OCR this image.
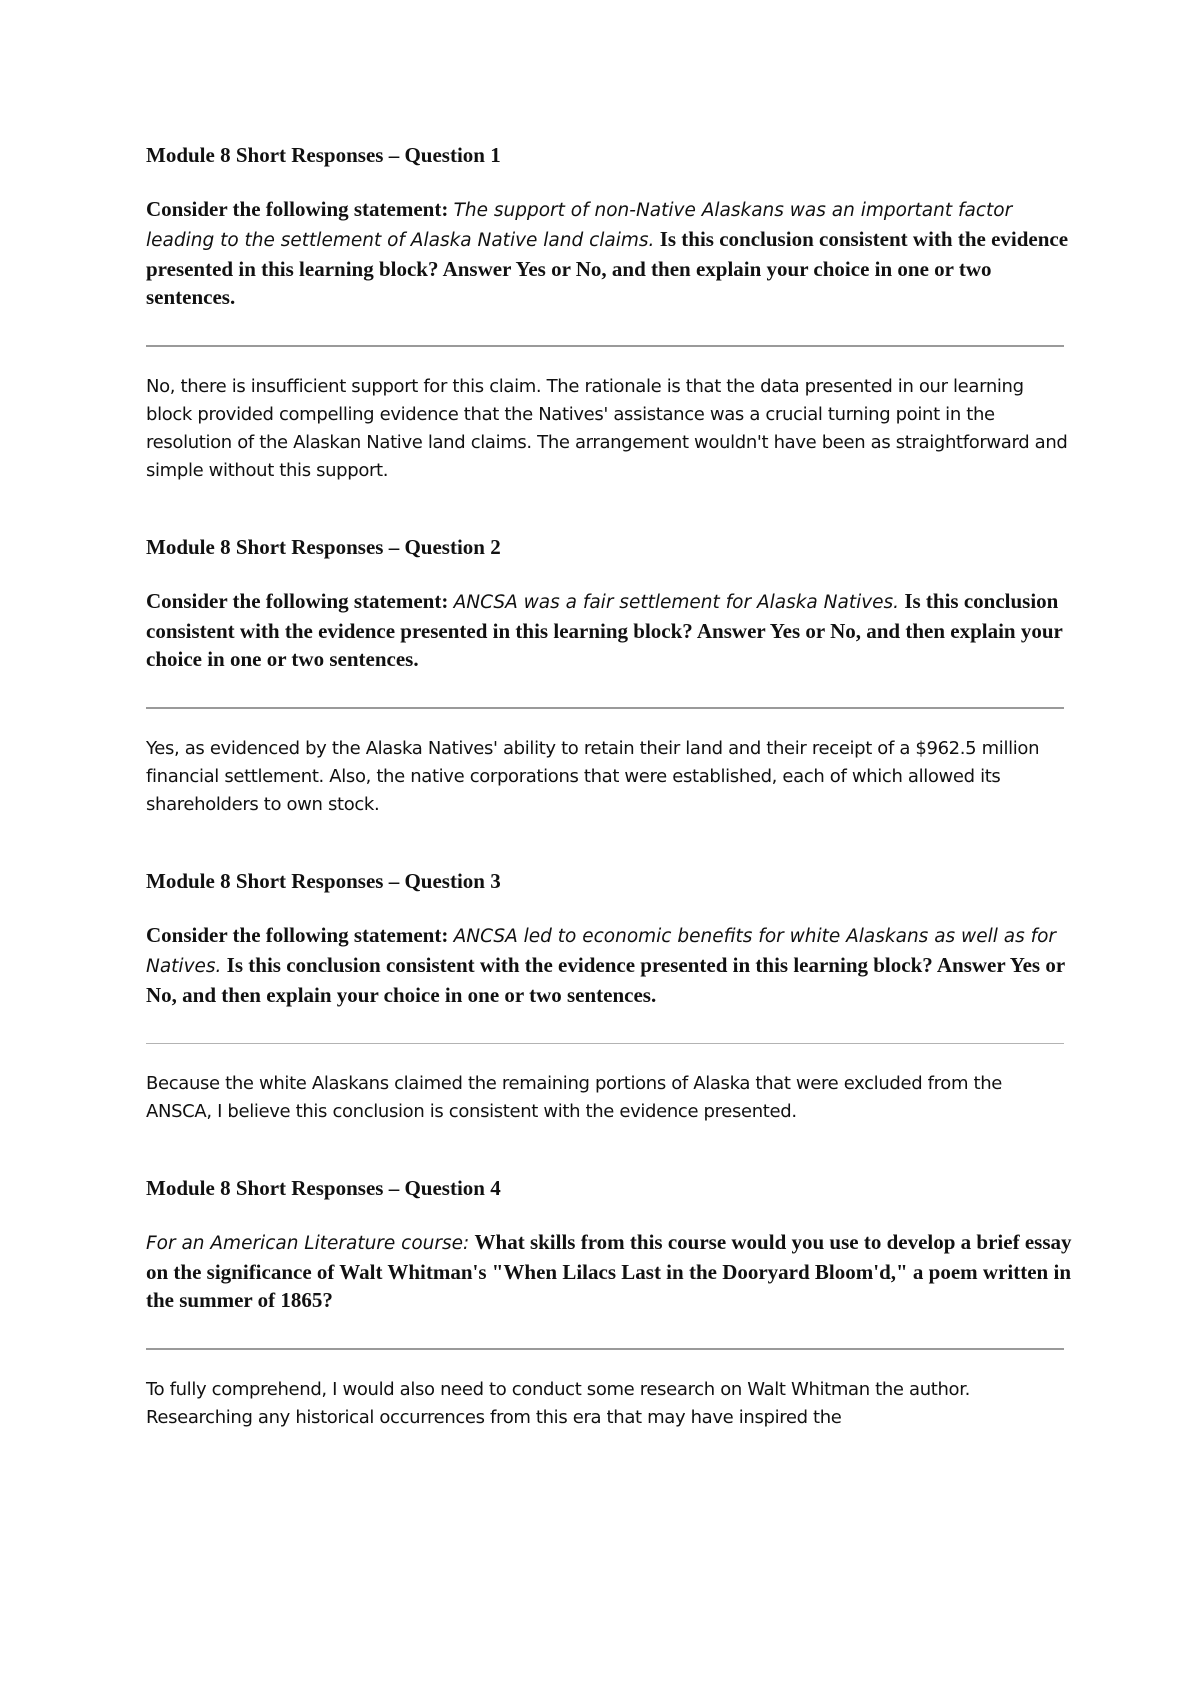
Module 8 Short Responses – Question 1

Consider the following statement: The support of non-Native Alaskans was an important factor leading to the settlement of Alaska Native land claims. Is this conclusion consistent with the evidence presented in this learning block? Answer Yes or No, and then explain your choice in one or two sentences.

No, there is insufficient support for this claim. The rationale is that the data presented in our learning block provided compelling evidence that the Natives' assistance was a crucial turning point in the resolution of the Alaskan Native land claims. The arrangement wouldn't have been as straightforward and simple without this support.

Module 8 Short Responses – Question 2

Consider the following statement: ANCSA was a fair settlement for Alaska Natives. Is this conclusion consistent with the evidence presented in this learning block? Answer Yes or No, and then explain your choice in one or two sentences.

Yes, as evidenced by the Alaska Natives' ability to retain their land and their receipt of a $962.5 million financial settlement. Also, the native corporations that were established, each of which allowed its shareholders to own stock.

Module 8 Short Responses – Question 3

Consider the following statement: ANCSA led to economic benefits for white Alaskans as well as for Natives. Is this conclusion consistent with the evidence presented in this learning block? Answer Yes or No, and then explain your choice in one or two sentences.

Because the white Alaskans claimed the remaining portions of Alaska that were excluded from the ANSCA, I believe this conclusion is consistent with the evidence presented.

Module 8 Short Responses – Question 4

For an American Literature course: What skills from this course would you use to develop a brief essay on the significance of Walt Whitman's "When Lilacs Last in the Dooryard Bloom'd," a poem written in the summer of 1865?

To fully comprehend, I would also need to conduct some research on Walt Whitman the author. Researching any historical occurrences from this era that may have inspired the
